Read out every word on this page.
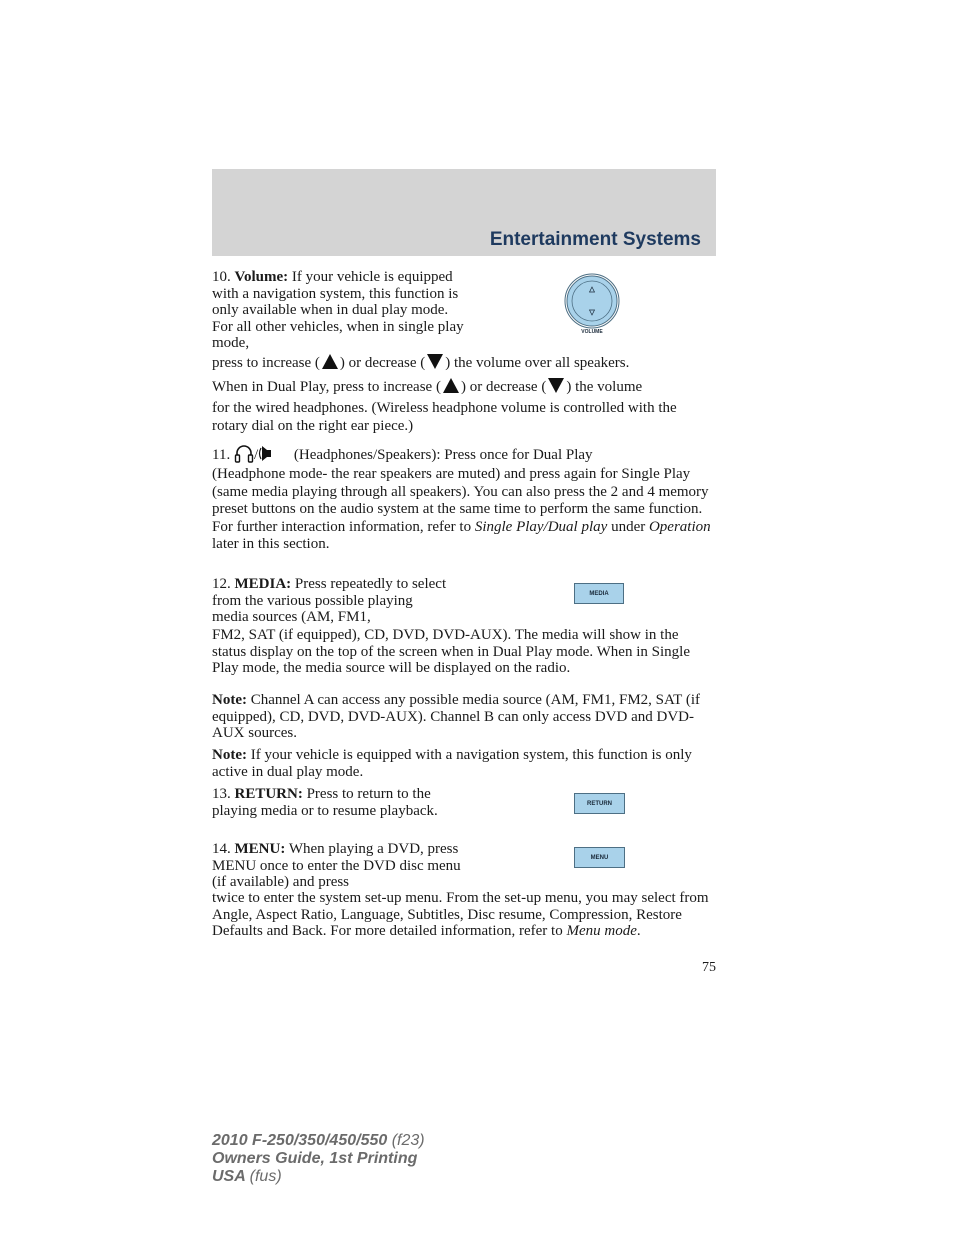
Entertainment Systems

10. Volume: If your vehicle is equipped with a navigation system, this function is only available when in dual play mode. For all other vehicles, when in single play mode,

VOLUME

press to increase ( ) or decrease ( ) the volume over all speakers.

When in Dual Play, press to increase ( ) or decrease ( ) the volume

for the wired headphones. (Wireless headphone volume is controlled with the rotary dial on the right ear piece.)

11. / (Headphones/Speakers): Press once for Dual Play

(Headphone mode- the rear speakers are muted) and press again for Single Play (same media playing through all speakers). You can also press the 2 and 4 memory preset buttons on the audio system at the same time to perform the same function. For further interaction information, refer to Single Play/Dual play under Operation later in this section.

12. MEDIA: Press repeatedly to select from the various possible playing media sources (AM, FM1,

MEDIA

FM2, SAT (if equipped), CD, DVD, DVD-AUX). The media will show in the status display on the top of the screen when in Dual Play mode. When in Single Play mode, the media source will be displayed on the radio.

Note: Channel A can access any possible media source (AM, FM1, FM2, SAT (if equipped), CD, DVD, DVD-AUX). Channel B can only access DVD and DVD-AUX sources.

Note: If your vehicle is equipped with a navigation system, this function is only active in dual play mode.

13. RETURN: Press to return to the playing media or to resume playback.	RETURN

14. MENU: When playing a DVD, press MENU once to enter the DVD disc menu (if available) and press

MENU

twice to enter the system set-up menu. From the set-up menu, you may select from Angle, Aspect Ratio, Language, Subtitles, Disc resume, Compression, Restore Defaults and Back. For more detailed information, refer to Menu mode.

75
2010 F-250/350/450/550 (f23)
Owners Guide, 1st Printing
USA (fus)
